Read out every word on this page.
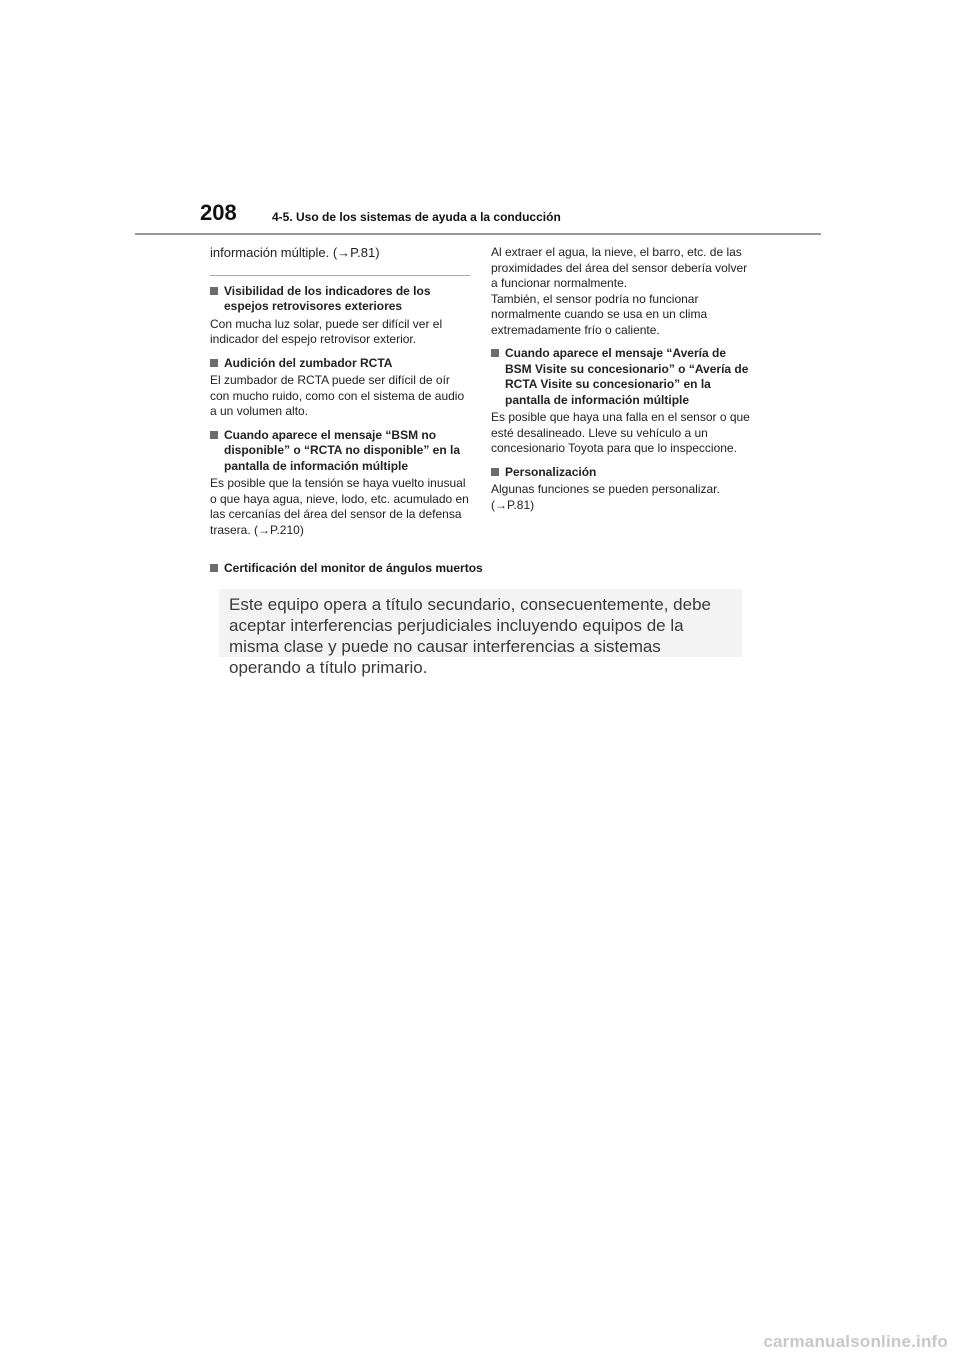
208	4-5. Uso de los sistemas de ayuda a la conducción

información múltiple. (→P.81)

Visibilidad de los indicadores de los espejos retrovisores exteriores

Con mucha luz solar, puede ser difícil ver el indicador del espejo retrovisor exterior.

Audición del zumbador RCTA

El zumbador de RCTA puede ser difícil de oír con mucho ruido, como con el sistema de audio a un volumen alto.

Cuando aparece el mensaje “BSM no disponible” o “RCTA no disponible” en la pantalla de información múltiple

Es posible que la tensión se haya vuelto inusual o que haya agua, nieve, lodo, etc. acumulado en las cercanías del área del sensor de la defensa trasera. (→P.210)

Al extraer el agua, la nieve, el barro, etc. de las proximidades del área del sensor debería volver a funcionar normalmente.

También, el sensor podría no funcionar normalmente cuando se usa en un clima extremadamente frío o caliente.

Cuando aparece el mensaje “Avería de BSM Visite su concesionario” o “Avería de RCTA Visite su concesionario” en la pantalla de información múltiple

Es posible que haya una falla en el sensor o que esté desalineado. Lleve su vehículo a un concesionario Toyota para que lo inspeccione.

Personalización

Algunas funciones se pueden personalizar. (→P.81)

Certificación del monitor de ángulos muertos
Este equipo opera a título secundario, consecuentemente, debe aceptar interferencias perjudiciales incluyendo equipos de la misma clase y puede no causar interferencias a sistemas operando a título primario.
carmanualsonline.info
